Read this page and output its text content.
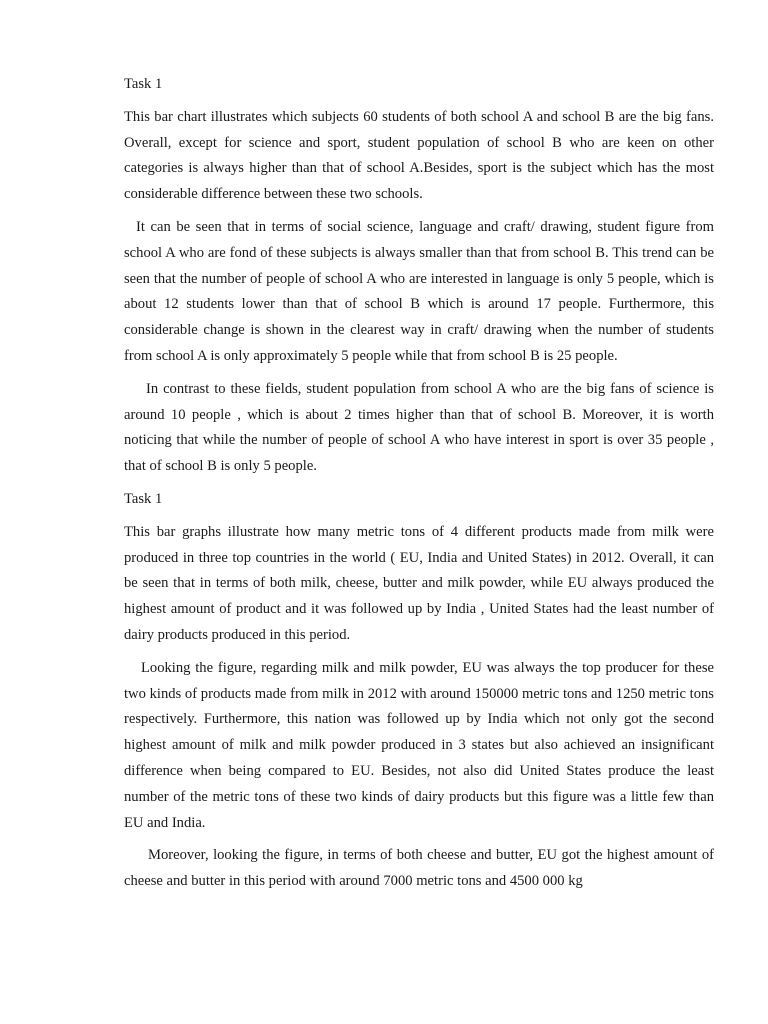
Task 1

This bar chart illustrates which subjects 60 students of both school A and school B are the big fans. Overall, except for science and sport, student population of school B who are keen on other categories is always higher than that of school A.Besides, sport is the subject which has the most considerable difference between these two schools.

It can be seen that in terms of social science, language and craft/ drawing, student figure from school A who are fond of these subjects is always smaller than that from school B. This trend can be seen that the number of people of school A who are interested in language is only 5 people, which is about 12 students lower than that of school B which is around 17 people. Furthermore, this considerable change is shown in the clearest way in craft/ drawing when the number of students from school A is only approximately 5 people while that from school B is 25 people.

In contrast to these fields, student population from school A who are the big fans of science is around 10 people , which is about 2 times higher than that of school B. Moreover, it is worth noticing that while the number of people of school A who have interest in sport is over 35 people , that of school B is only 5 people.

Task 1

This bar graphs illustrate how many metric tons of 4 different products made from milk were produced in three top countries in the world ( EU, India and United States) in 2012. Overall, it can be seen that in terms of both milk, cheese, butter and milk powder, while EU always produced the highest amount of product and it was followed up by India , United States had the least number of dairy products produced in this period.

Looking the figure, regarding milk and milk powder, EU was always the top producer for these two kinds of products made from milk in 2012 with around 150000 metric tons and 1250 metric tons respectively. Furthermore, this nation was followed up by India which not only got the second highest amount of milk and milk powder produced in 3 states but also achieved an insignificant difference when being compared to EU. Besides, not also did United States produce the least number of the metric tons of these two kinds of dairy products but this figure was a little few than EU and India.

Moreover, looking the figure, in terms of both cheese and butter, EU got the highest amount of cheese and butter in this period with around 7000 metric tons and 4500 000 kg
